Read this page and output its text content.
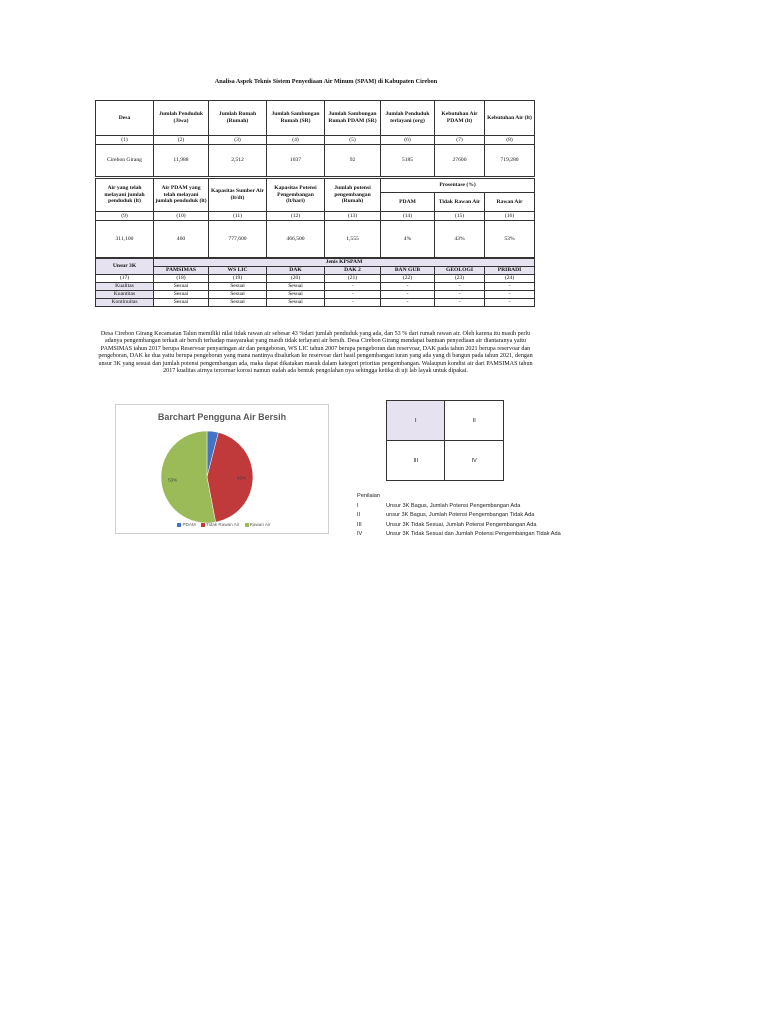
Analisa Aspek Teknis Sistem Penyediaan Air Minum (SPAM) di Kabupaten Cirebon
Desa	Jumlah Penduduk (Jiwa)	Jumlah Rumah (Rumah)	Jumlah Sambungan Rumah (SR)	Jumlah Sambungan Rumah PDAM (SR)	Jumlah Penduduk terlayani (org)	Kebutuhan Air PDAM (lt)	Kebutuhan Air (lt)
(1)	(2)	(3)	(4)	(5)	(6)	(7)	(8)
Cirebon Girang	11,988	2,512	1037	92	5185	27600	719,280
Air yang telah melayani jumlah penduduk (lt)	Air PDAM yang telah melayani jumlah penduduk (lt)	Kapasitas Sumber Air (lt/dt)	Kapasitas Potensi Pengembangan (lt/hari)	Jumlah potensi pengembangan (Rumah)	Prosentase (%)		
					PDAM	Tidak Rawan Air	Rawan Air
(9)	(10)	(11)	(12)	(13)	(14)	(15)	(16)
311,100	460	777,600	466,500	1,555	4%	43%	53%
Unsur 3K	Jenis KPSPAM						
	PAMSIMAS	WS LIC	DAK	DAK 2	BAN GUB	GEOLOGI	PRIBADI
(17)	(18)	(19)	(20)	(21)	(22)	(23)	(24)
Kualitas	Sesuai	Sesuai	Sesuai	-	-	-	-
Kuantitas	Sesuai	Sesuai	Sesuai	-	-	-	-
Kontinuitas	Sesuai	Sesuai	Sesuai	-	-	-	-
Desa Cirebon Girang Kecamatan Talun memiliki nilai tidak rawan air sebesar 43 %dari jumlah penduduk yang ada, dan 53 % dari rumah rawan air. Oleh karena itu masih perlu adanya pengembangan terkait air bersih terhadap masyarakat yang masih tidak terlayani air bersih. Desa Cirebon Girang mendapat bantuan penyediaan air diantaranya yaitu PAMSIMAS tahun 2017 berupa Reservoar penyaringan air dan pengeboran, WS LIC tahun 2007 berupa pengeboran dan reservoar, DAK pada tahun 2021 berupa reservoar dan pengeboran, DAK ke dua yaitu berupa pengeboran yang mana nantinya disalurkan ke reservoar dari hasil pengembangan iuran yang ada yang di bangun pada tahun 2021, dengan unsur 3K yang sesuai dan jumlah potensi pengembangan ada, maka dapat dikatakan masuk dalam kategori prioritas pengembangan. Walaupun kondisi air dari PAMSIMAS tahun 2017 kualitas airnya tercemar korosi namun sudah ada bentuk pengolahan nya sehingga ketika di uji lab layak untuk dipakai.
Barchart Pengguna Air Bersih
43%
53%
PDAM Tidak Rawan Air Rawan Air
I	II
III	IV
Penilaian
I	Unsur 3K Bagus, Jumlah Potensi Pengembangan Ada
II	unsur 3K Bagus, Jumlah Potensi Pengembangan Tidak Ada
III	Unsur 3K Tidak Sesuai, Jumlah Potensi Pengembangan Ada
IV	Unsur 3K Tidak Sesuai dan Jumlah Potensi Pengembangan Tidak Ada
